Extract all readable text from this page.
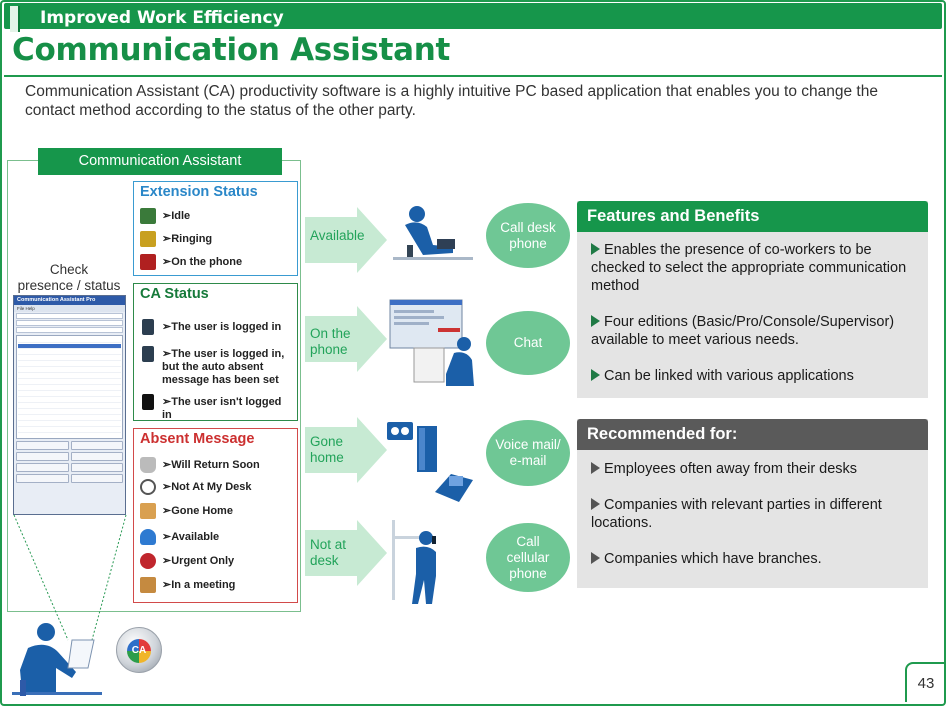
Improved Work Efficiency
Communication Assistant
Communication Assistant (CA) productivity software is a highly intuitive PC based application that enables you to change the contact method according to the status of the other party.
Communication Assistant
Check
presence / status
Communication Assistant Pro
File Help
Extension Status
➢ Idle
➢ Ringing
➢ On the phone
CA Status
➢ The user is logged in
➢ The user is logged in, but the auto absent message has been set
➢ The user isn't logged in
Absent Message
➢ Will Return Soon
➢ Not At My Desk
➢ Gone Home
➢ Available
➢ Urgent Only
➢ In a meeting
Available
On the phone
Gone home
Not at desk
CA
Call desk phone
Chat
Voice mail/ e-mail
Call cellular phone
Features and Benefits

Enables the presence of co-workers to be checked to select the appropriate communication method

Four editions (Basic/Pro/Console/Supervisor) available to meet various needs.

Can be linked with various applications

Recommended for:

Employees often away from their desks

Companies with relevant parties in different locations.

Companies which have branches.

43
